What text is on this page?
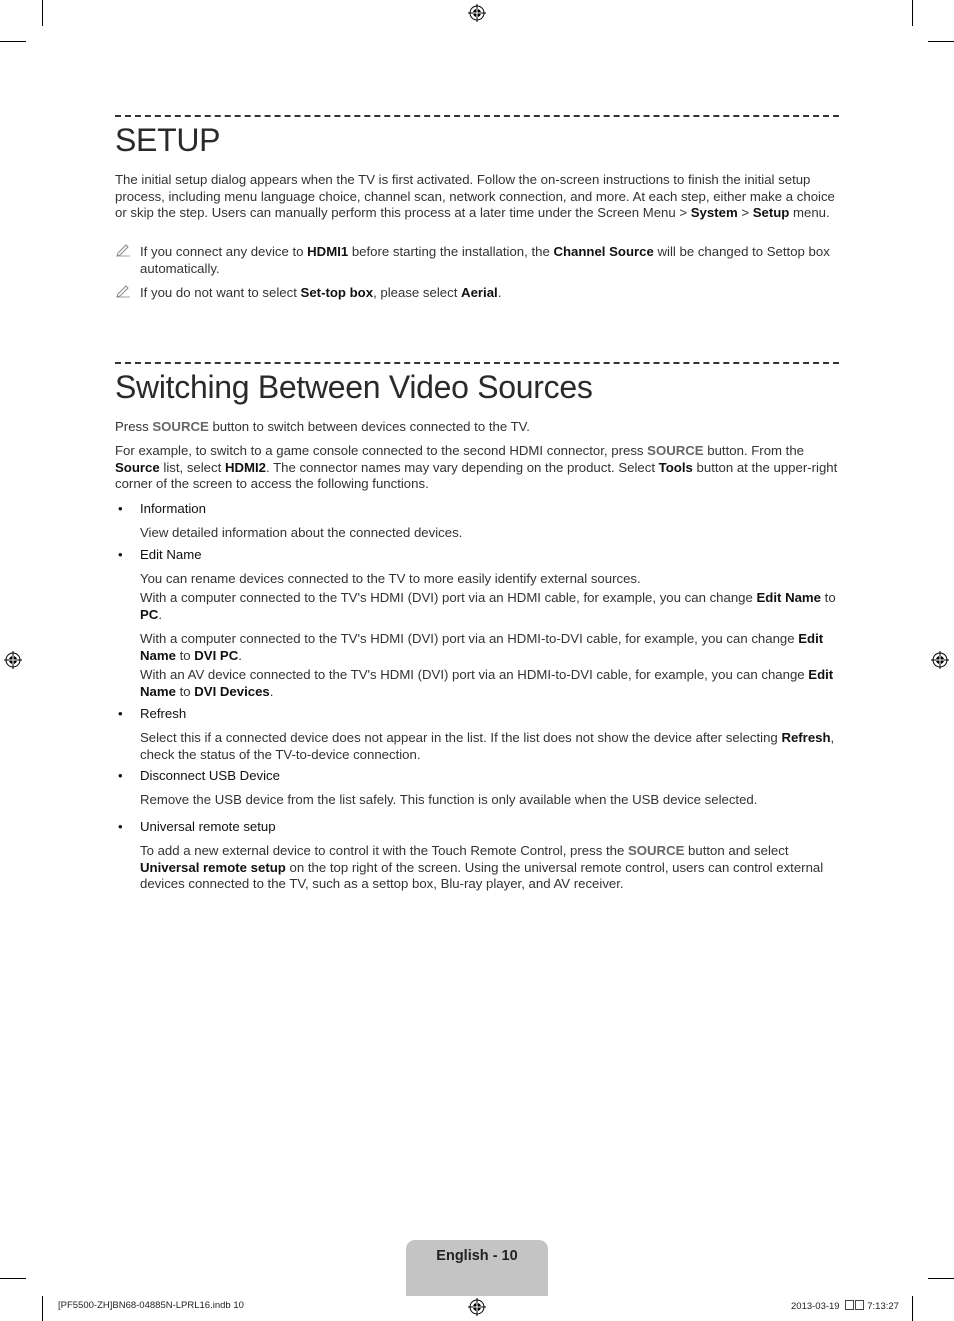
SETUP

The initial setup dialog appears when the TV is first activated. Follow the on-screen instructions to finish the initial setup process, including menu language choice, channel scan, network connection, and more. At each step, either make a choice or skip the step. Users can manually perform this process at a later time under the Screen Menu > System > Setup menu.

If you connect any device to HDMI1 before starting the installation, the Channel Source will be changed to Settop box automatically.
If you do not want to select Set-top box, please select Aerial.
Switching Between Video Sources

Press SOURCE button to switch between devices connected to the TV.

For example, to switch to a game console connected to the second HDMI connector, press SOURCE button. From the Source list, select HDMI2. The connector names may vary depending on the product. Select Tools button at the upper-right corner of the screen to access the following functions.

• Information

View detailed information about the connected devices.

• Edit Name

You can rename devices connected to the TV to more easily identify external sources.

With a computer connected to the TV's HDMI (DVI) port via an HDMI cable, for example, you can change Edit Name to PC.

With a computer connected to the TV's HDMI (DVI) port via an HDMI-to-DVI cable, for example, you can change Edit Name to DVI PC.

With an AV device connected to the TV's HDMI (DVI) port via an HDMI-to-DVI cable, for example, you can change Edit Name to DVI Devices.

• Refresh

Select this if a connected device does not appear in the list. If the list does not show the device after selecting Refresh, check the status of the TV-to-device connection.

• Disconnect USB Device

Remove the USB device from the list safely. This function is only available when the USB device selected.

• Universal remote setup

To add a new external device to control it with the Touch Remote Control, press the SOURCE button and select Universal remote setup on the top right of the screen. Using the universal remote control, users can control external devices connected to the TV, such as a settop box, Blu-ray player, and AV receiver.

English - 10
[PF5500-ZH]BN68-04885N-LPRL16.indb 10	2013-03-19	7:13:27
